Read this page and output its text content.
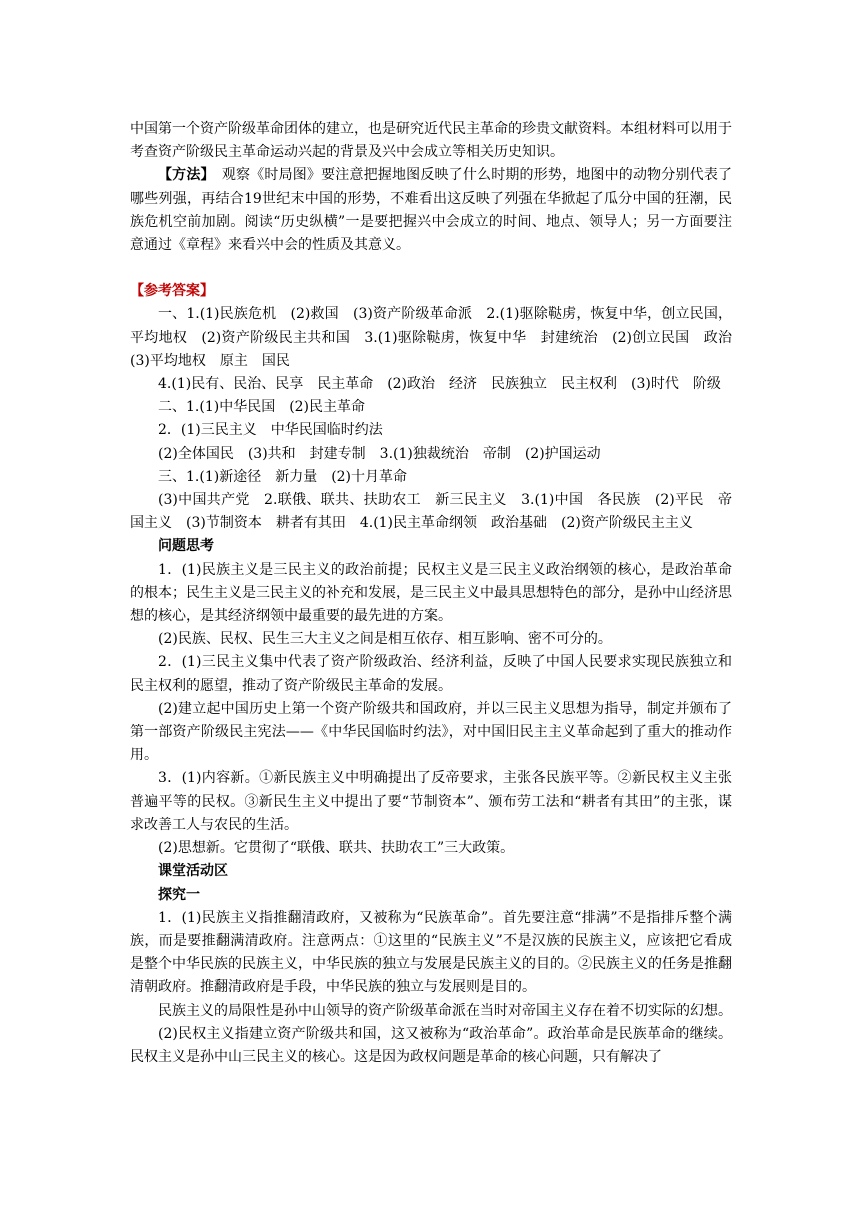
中国第一个资产阶级革命团体的建立，也是研究近代民主革命的珍贵文献资料。本组材料可以用于考查资产阶级民主革命运动兴起的背景及兴中会成立等相关历史知识。

【方法】　观察《时局图》要注意把握地图反映了什么时期的形势，地图中的动物分别代表了哪些列强，再结合19世纪末中国的形势，不难看出这反映了列强在华掀起了瓜分中国的狂潮，民族危机空前加剧。阅读“历史纵横”一是要把握兴中会成立的时间、地点、领导人；另一方面要注意通过《章程》来看兴中会的性质及其意义。

【参考答案】

一、1.(1)民族危机　(2)救国　(3)资产阶级革命派　2.(1)驱除鞑虏，恢复中华，创立民国，平均地权　(2)资产阶级民主共和国　3.(1)驱除鞑虏，恢复中华　封建统治　(2)创立民国　政治　(3)平均地权　原主　国民

4.(1)民有、民治、民享　民主革命　(2)政治　经济　民族独立　民主权利　(3)时代　阶级

二、1.(1)中华民国　(2)民主革命

2．(1)三民主义　中华民国临时约法

(2)全体国民　(3)共和　封建专制　3.(1)独裁统治　帝制　(2)护国运动

三、1.(1)新途径　新力量　(2)十月革命

(3)中国共产党　2.联俄、联共、扶助农工　新三民主义　3.(1)中国　各民族　(2)平民　帝国主义　(3)节制资本　耕者有其田　4.(1)民主革命纲领　政治基础　(2)资产阶级民主主义

问题思考

1．(1)民族主义是三民主义的政治前提；民权主义是三民主义政治纲领的核心，是政治革命的根本；民生主义是三民主义的补充和发展，是三民主义中最具思想特色的部分，是孙中山经济思想的核心，是其经济纲领中最重要的最先进的方案。

(2)民族、民权、民生三大主义之间是相互依存、相互影响、密不可分的。

2．(1)三民主义集中代表了资产阶级政治、经济利益，反映了中国人民要求实现民族独立和民主权利的愿望，推动了资产阶级民主革命的发展。

(2)建立起中国历史上第一个资产阶级共和国政府，并以三民主义思想为指导，制定并颁布了第一部资产阶级民主宪法——《中华民国临时约法》，对中国旧民主主义革命起到了重大的推动作用。

3．(1)内容新。①新民族主义中明确提出了反帝要求，主张各民族平等。②新民权主义主张普遍平等的民权。③新民生主义中提出了要“节制资本”、颁布劳工法和“耕者有其田”的主张，谋求改善工人与农民的生活。

(2)思想新。它贯彻了“联俄、联共、扶助农工”三大政策。

课堂活动区

探究一

1．(1)民族主义指推翻清政府，又被称为“民族革命”。首先要注意“排满”不是指排斥整个满族，而是要推翻满清政府。注意两点：①这里的“民族主义”不是汉族的民族主义，应该把它看成是整个中华民族的民族主义，中华民族的独立与发展是民族主义的目的。②民族主义的任务是推翻清朝政府。推翻清政府是手段，中华民族的独立与发展则是目的。

民族主义的局限性是孙中山领导的资产阶级革命派在当时对帝国主义存在着不切实际的幻想。

(2)民权主义指建立资产阶级共和国，这又被称为“政治革命”。政治革命是民族革命的继续。民权主义是孙中山三民主义的核心。这是因为政权问题是革命的核心问题，只有解决了
